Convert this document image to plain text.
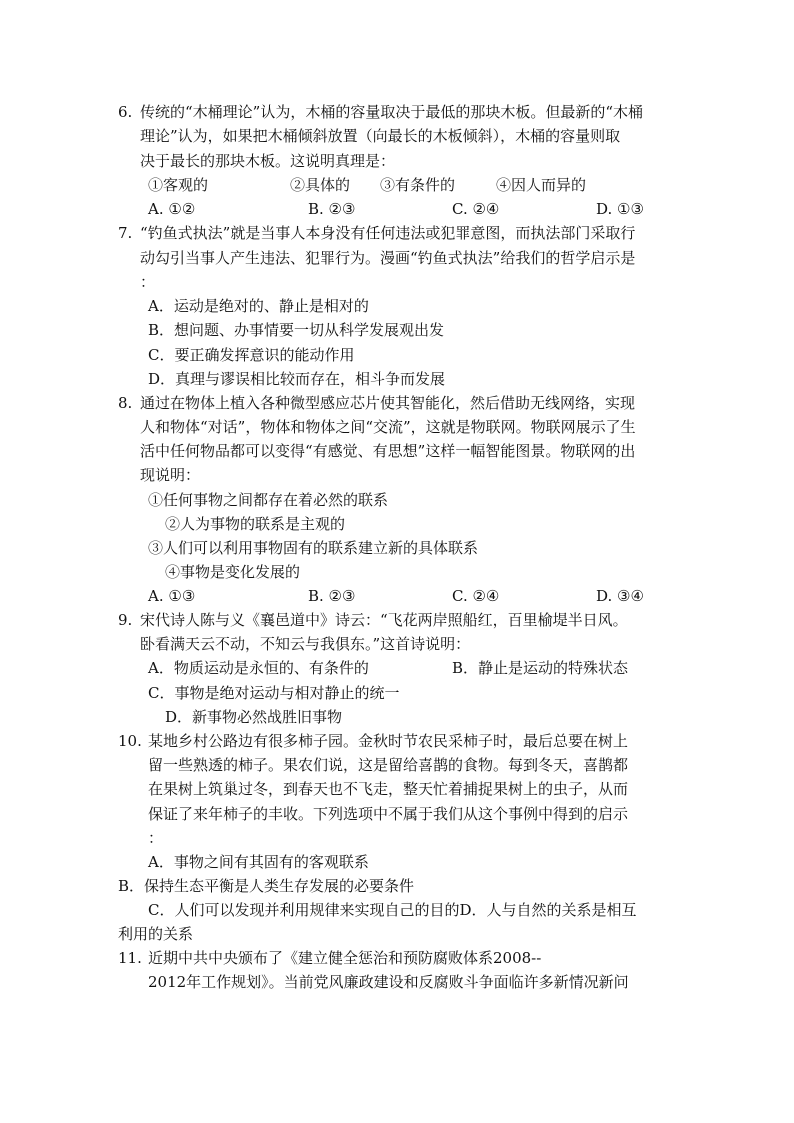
6. 传统的“木桶理论”认为，木桶的容量取决于最低的那块木板。但最新的“木桶
理论”认为，如果把木桶倾斜放置（向最长的木板倾斜），木桶的容量则取
决于最长的那块木板。这说明真理是：
①客观的	②具体的 ③有条件的	④因人而异的
A. ①②	B. ②③	C. ②④	D. ①③
7. “钓鱼式执法”就是当事人本身没有任何违法或犯罪意图，而执法部门采取行
动勾引当事人产生违法、犯罪行为。漫画“钓鱼式执法”给我们的哲学启示是
：
A．运动是绝对的、静止是相对的
B．想问题、办事情要一切从科学发展观出发
C．要正确发挥意识的能动作用
D．真理与谬误相比较而存在，相斗争而发展
8. 通过在物体上植入各种微型感应芯片使其智能化，然后借助无线网络，实现
人和物体“对话”，物体和物体之间“交流”，这就是物联网。物联网展示了生
活中任何物品都可以变得“有感觉、有思想”这样一幅智能图景。物联网的出
现说明：
①任何事物之间都存在着必然的联系
②人为事物的联系是主观的
③人们可以利用事物固有的联系建立新的具体联系
④事物是变化发展的
A. ①③	B. ②③	C. ②④	D. ③④
9. 宋代诗人陈与义《襄邑道中》诗云：“飞花两岸照船红，百里榆堤半日风。
卧看满天云不动，不知云与我俱东。”这首诗说明：
A．物质运动是永恒的、有条件的	B．静止是运动的特殊状态
C．事物是绝对运动与相对静止的统一
D．新事物必然战胜旧事物
10. 某地乡村公路边有很多柿子园。金秋时节农民采柿子时，最后总要在树上
留一些熟透的柿子。果农们说，这是留给喜鹊的食物。每到冬天，喜鹊都
在果树上筑巢过冬，到春天也不飞走，整天忙着捕捉果树上的虫子，从而
保证了来年柿子的丰收。下列选项中不属于我们从这个事例中得到的启示
：
A．事物之间有其固有的客观联系
B．保持生态平衡是人类生存发展的必要条件
C．人们可以发现并利用规律来实现自己的目的D．人与自然的关系是相互
利用的关系
11. 近期中共中央颁布了《建立健全惩治和预防腐败体系2008--
2012年工作规划》。当前党风廉政建设和反腐败斗争面临许多新情况新问
